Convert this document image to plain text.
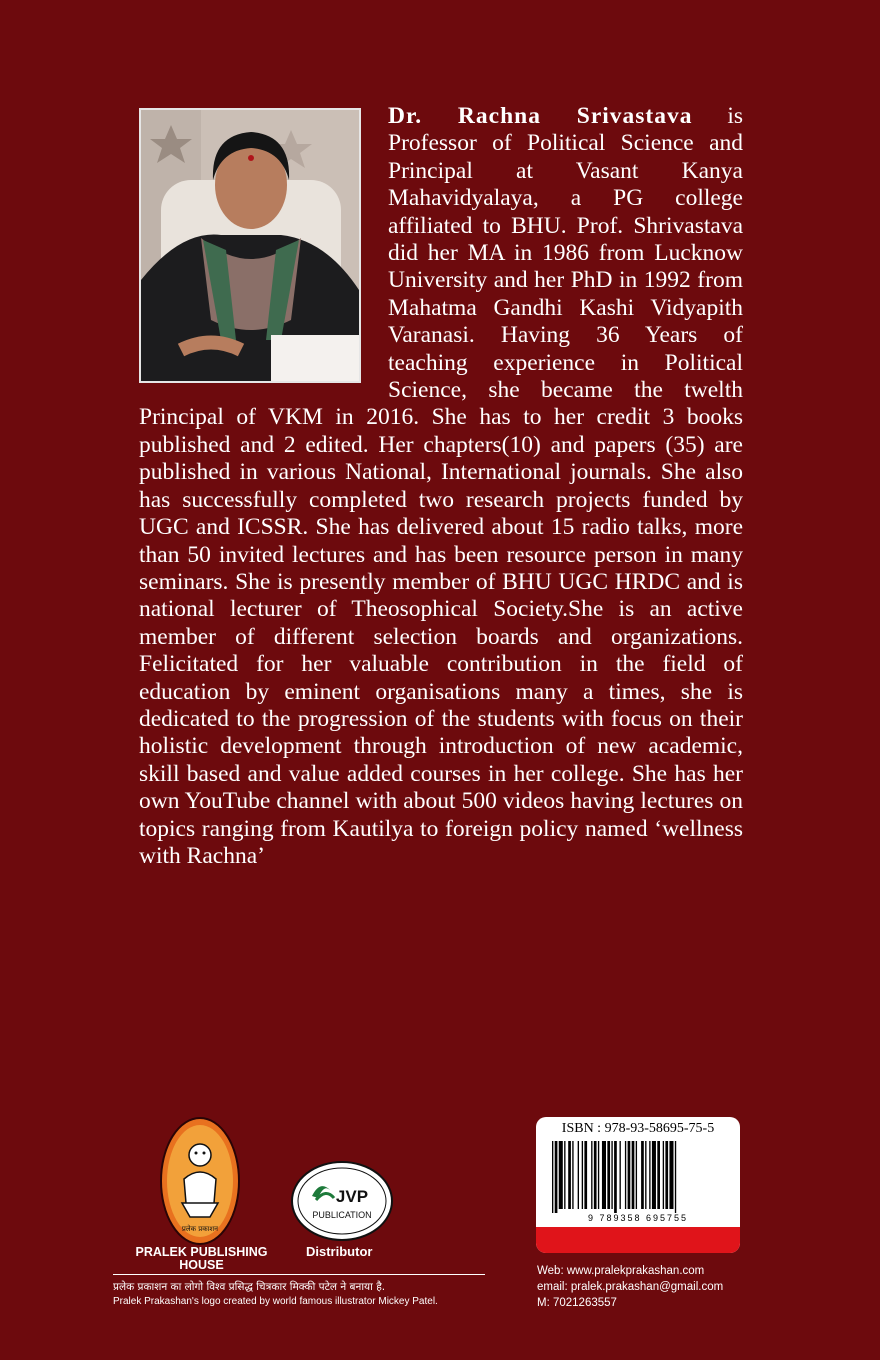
Dr. Rachna Srivastava is Professor of Political Science and Principal at Vasant Kanya Mahavidyalaya, a PG college affiliated to BHU. Prof. Shrivastava did her MA in 1986 from Lucknow University and her PhD in 1992 from Mahatma Gandhi Kashi Vidyapith Varanasi. Having 36 Years of teaching experience in Political Science, she became the twelth Principal of VKM in 2016. She has to her credit 3 books published and 2 edited. Her chapters(10) and papers (35) are published in various National, International journals. She also has successfully completed two research projects funded by UGC and ICSSR. She has delivered about 15 radio talks, more than 50 invited lectures and has been resource person in many seminars. She is presently member of BHU UGC HRDC and is national lecturer of Theosophical Society.She is an active member of different selection boards and organizations. Felicitated for her valuable contribution in the field of education by eminent organisations many a times, she is dedicated to the progression of the students with focus on their holistic development through introduction of new academic, skill based and value added courses in her college. She has her own YouTube channel with about 500 videos having lectures on topics ranging from Kautilya to foreign policy named ‘wellness with Rachna’
प्रलेक प्रकाशन
PRALEK PUBLISHING HOUSE
JVP
PUBLICATION
Distributor
प्रलेक प्रकाशन का लोगो विश्व प्रसिद्ध चित्रकार मिक्की पटेल ने बनाया है.
Pralek Prakashan's logo created by world famous illustrator Mickey Patel.
ISBN : 978-93-58695-75-5
9 789358 695755
Web: www.pralekprakashan.com
email: pralek.prakashan@gmail.com
M: 7021263557
